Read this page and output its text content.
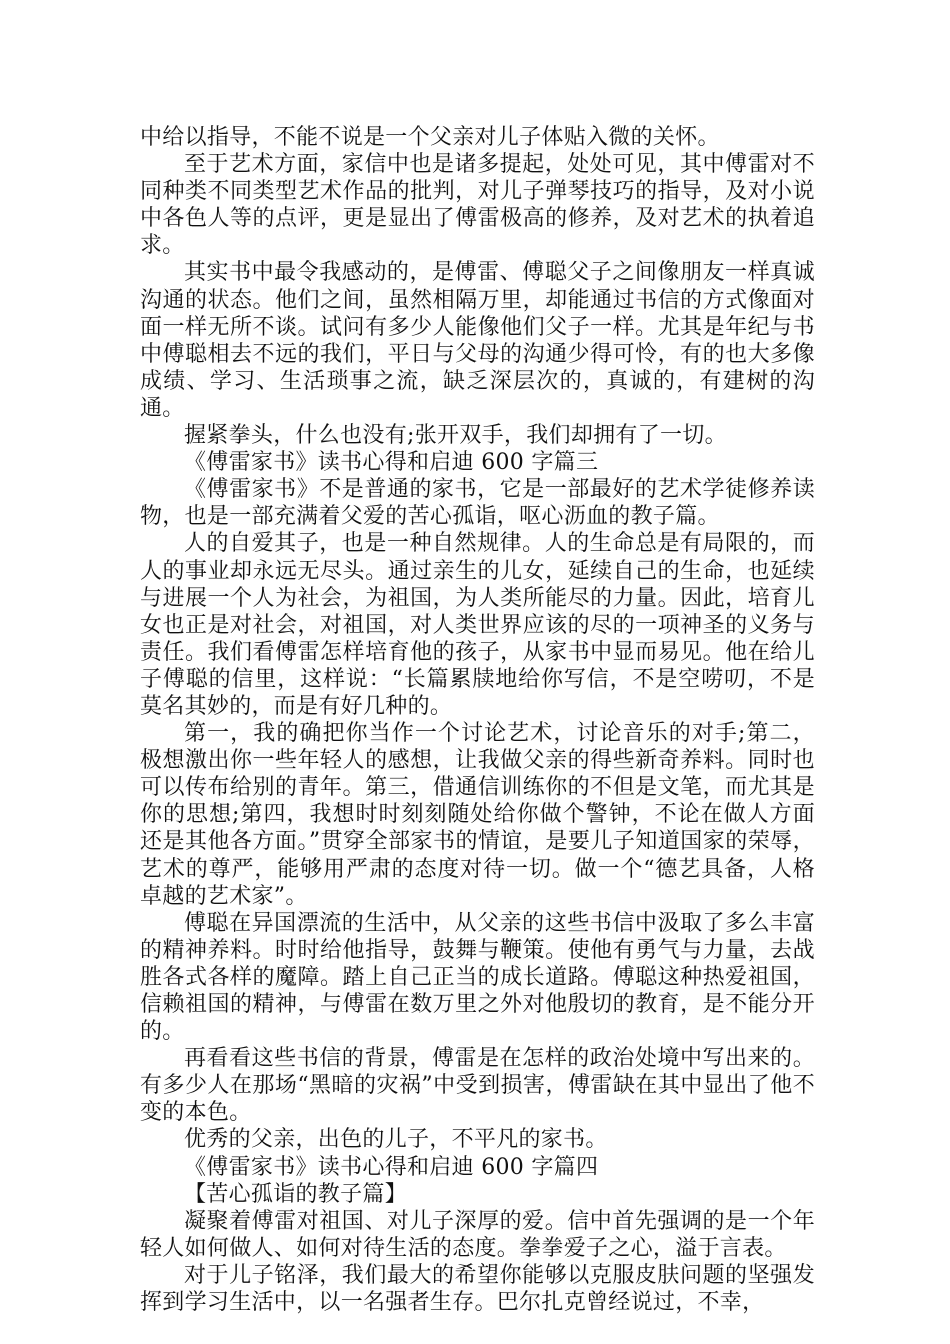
中给以指导，不能不说是一个父亲对儿子体贴入微的关怀。

至于艺术方面，家信中也是诸多提起，处处可见，其中傅雷对不同种类不同类型艺术作品的批判，对儿子弹琴技巧的指导，及对小说中各色人等的点评，更是显出了傅雷极高的修养，及对艺术的执着追求。

其实书中最令我感动的，是傅雷、傅聪父子之间像朋友一样真诚沟通的状态。他们之间，虽然相隔万里，却能通过书信的方式像面对面一样无所不谈。试问有多少人能像他们父子一样。尤其是年纪与书中傅聪相去不远的我们，平日与父母的沟通少得可怜，有的也大多像成绩、学习、生活琐事之流，缺乏深层次的，真诚的，有建树的沟通。

握紧拳头，什么也没有;张开双手，我们却拥有了一切。

《傅雷家书》读书心得和启迪 600 字篇三

《傅雷家书》不是普通的家书，它是一部最好的艺术学徒修养读物，也是一部充满着父爱的苦心孤诣，呕心沥血的教子篇。

人的自爱其子，也是一种自然规律。人的生命总是有局限的，而人的事业却永远无尽头。通过亲生的儿女，延续自己的生命，也延续与进展一个人为社会，为祖国，为人类所能尽的力量。因此，培育儿女也正是对社会，对祖国，对人类世界应该的尽的一项神圣的义务与责任。我们看傅雷怎样培育他的孩子，从家书中显而易见。他在给儿子傅聪的信里，这样说：“长篇累牍地给你写信，不是空唠叨，不是莫名其妙的，而是有好几种的。

第一，我的确把你当作一个讨论艺术，讨论音乐的对手;第二，极想激出你一些年轻人的感想，让我做父亲的得些新奇养料。同时也可以传布给别的青年。第三，借通信训练你的不但是文笔，而尤其是你的思想;第四，我想时时刻刻随处给你做个警钟，不论在做人方面还是其他各方面。”贯穿全部家书的情谊，是要儿子知道国家的荣辱，艺术的尊严，能够用严肃的态度对待一切。做一个“德艺具备，人格卓越的艺术家”。

傅聪在异国漂流的生活中，从父亲的这些书信中汲取了多么丰富的精神养料。时时给他指导，鼓舞与鞭策。使他有勇气与力量，去战胜各式各样的魔障。踏上自己正当的成长道路。傅聪这种热爱祖国，信赖祖国的精神，与傅雷在数万里之外对他殷切的教育，是不能分开的。

再看看这些书信的背景，傅雷是在怎样的政治处境中写出来的。有多少人在那场“黑暗的灾祸”中受到损害，傅雷缺在其中显出了他不变的本色。

优秀的父亲，出色的儿子，不平凡的家书。

《傅雷家书》读书心得和启迪 600 字篇四

【苦心孤诣的教子篇】

凝聚着傅雷对祖国、对儿子深厚的爱。信中首先强调的是一个年轻人如何做人、如何对待生活的态度。拳拳爱子之心，溢于言表。

对于儿子铭泽，我们最大的希望你能够以克服皮肤问题的坚强发挥到学习生活中，以一名强者生存。巴尔扎克曾经说过，不幸，
